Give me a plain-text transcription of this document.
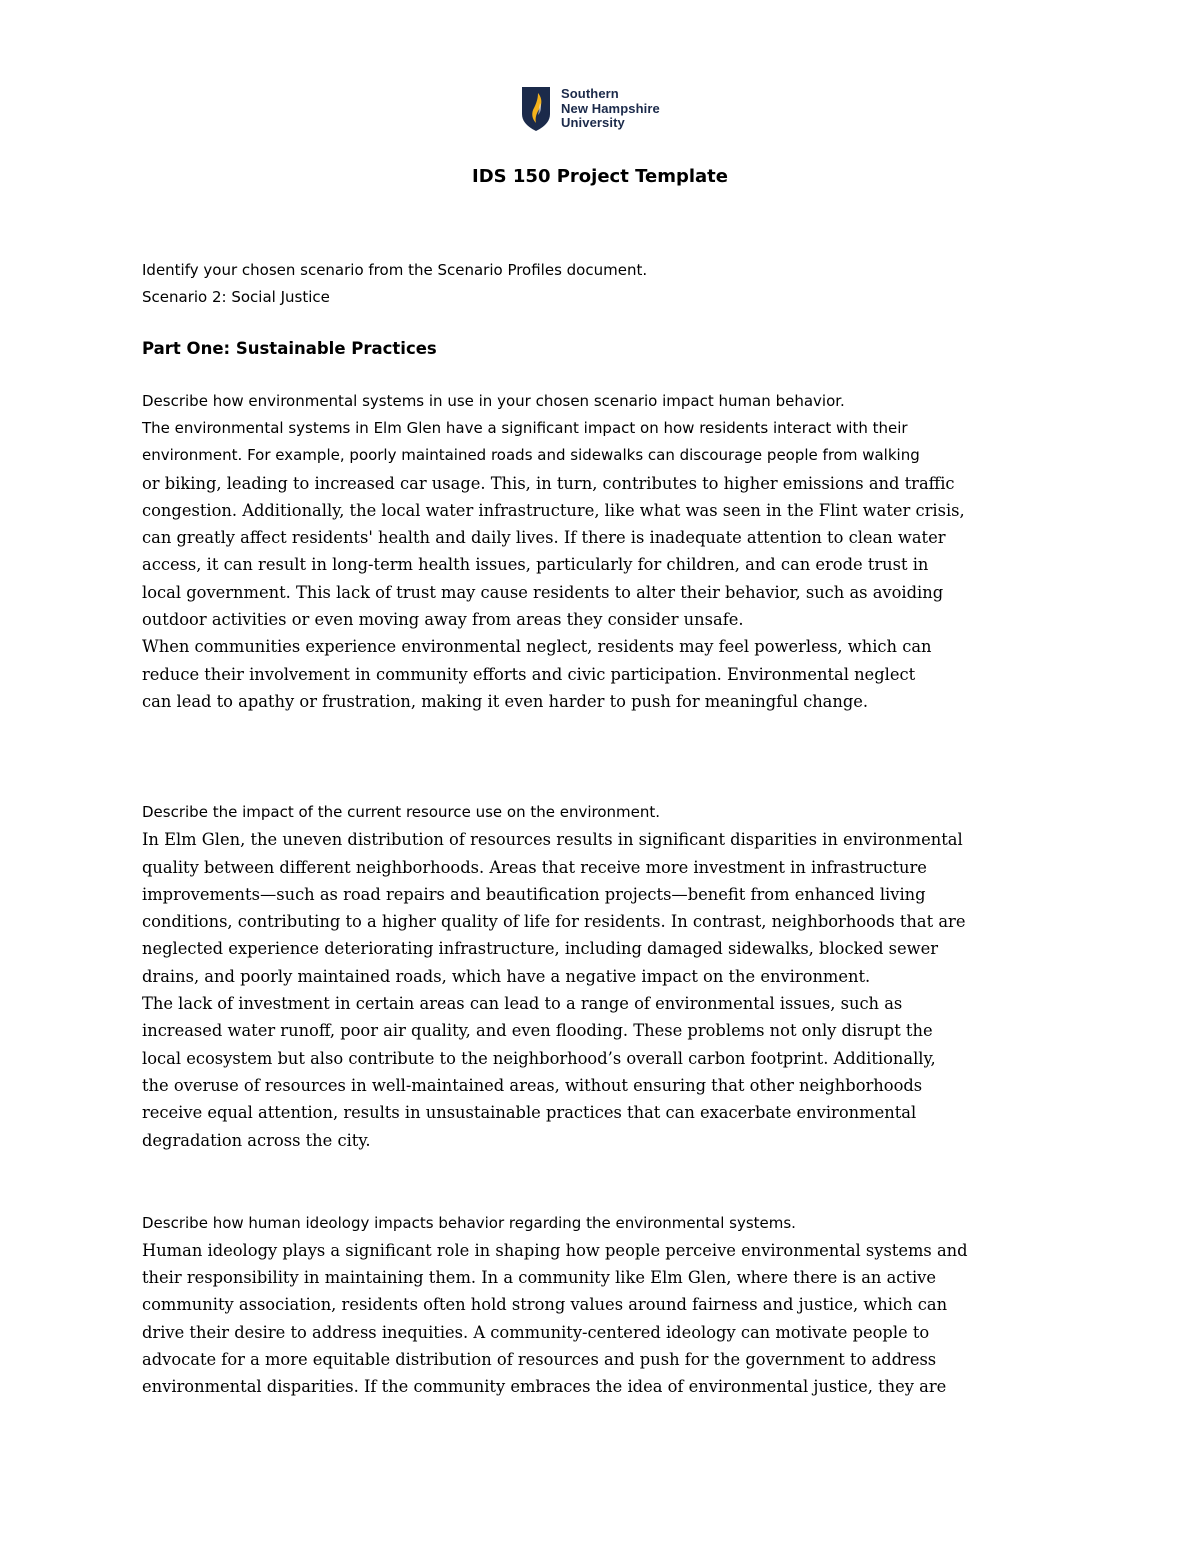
Southern
New Hampshire
University
IDS 150 Project Template

Identify your chosen scenario from the Scenario Profiles document.

Scenario 2: Social Justice

Part One: Sustainable Practices

Describe how environmental systems in use in your chosen scenario impact human behavior.

The environmental systems in Elm Glen have a significant impact on how residents interact with their
environment. For example, poorly maintained roads and sidewalks can discourage people from walking
or biking, leading to increased car usage. This, in turn, contributes to higher emissions and traffic
congestion. Additionally, the local water infrastructure, like what was seen in the Flint water crisis,
can greatly affect residents' health and daily lives. If there is inadequate attention to clean water
access, it can result in long-term health issues, particularly for children, and can erode trust in
local government. This lack of trust may cause residents to alter their behavior, such as avoiding
outdoor activities or even moving away from areas they consider unsafe.
When communities experience environmental neglect, residents may feel powerless, which can
reduce their involvement in community efforts and civic participation. Environmental neglect
can lead to apathy or frustration, making it even harder to push for meaningful change.

Describe the impact of the current resource use on the environment.

In Elm Glen, the uneven distribution of resources results in significant disparities in environmental
quality between different neighborhoods. Areas that receive more investment in infrastructure
improvements—such as road repairs and beautification projects—benefit from enhanced living
conditions, contributing to a higher quality of life for residents. In contrast, neighborhoods that are
neglected experience deteriorating infrastructure, including damaged sidewalks, blocked sewer
drains, and poorly maintained roads, which have a negative impact on the environment.
The lack of investment in certain areas can lead to a range of environmental issues, such as
increased water runoff, poor air quality, and even flooding. These problems not only disrupt the
local ecosystem but also contribute to the neighborhood’s overall carbon footprint. Additionally,
the overuse of resources in well-maintained areas, without ensuring that other neighborhoods
receive equal attention, results in unsustainable practices that can exacerbate environmental
degradation across the city.

Describe how human ideology impacts behavior regarding the environmental systems.

Human ideology plays a significant role in shaping how people perceive environmental systems and
their responsibility in maintaining them. In a community like Elm Glen, where there is an active
community association, residents often hold strong values around fairness and justice, which can
drive their desire to address inequities. A community-centered ideology can motivate people to
advocate for a more equitable distribution of resources and push for the government to address
environmental disparities. If the community embraces the idea of environmental justice, they are
